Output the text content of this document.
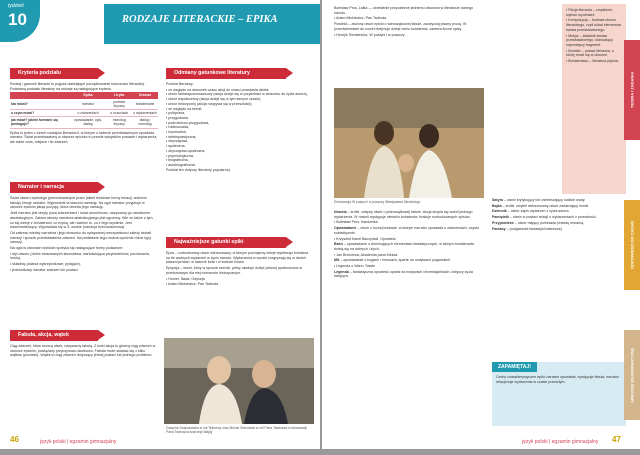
tydzień
10	RODZAJE LITERACKIE – EPIKA
Kryteria podziału

Rodzaj i gatunek literacki to pojęcia ułatwiające porządkowanie twórczości literackiej. Podstawą podziału literatury na rodzaje są następujące kryteria.

	Epika	Liryka	Dramat
kto mówi?	narrator	podmiot liryczny	bohaterowie
o czym mówi?	o zdarzeniach	o uczuciach	o wydarzeniach
jak mówi? jakimi formami się posługuje?	opowiadanie, opis, dialog	monolog liryczny	dialog i monolog

Epika to jeden z trzech rodzajów literackich, w którym o świecie przedstawionym opowiada narrator. Świat przedstawiony w utworze epickim to przede wszystkim postacie i wydarzenia, ale także czas, miejsce i tło zdarzeń.

Narrator i narracja

Świat utworu epickiego (prezentowanych przez jakieś tekstowe formy kreacji, autorem fabułę) kreuje narrator. Wypowiedź ta stanowi narrację. Na ogół narrator przyjmuje w utworze epickim jakąś pozycję, która określa jego narrację.

Jeśli narrator jest ukryty poza zdarzeniami i mówi anonimowo, nazywamy go narratorem abstrakcyjnym. Zakres wiedzy narratora abstrakcyjnego jest ogromny. Wie on także o tym, co się dzieje z bohaterami, co myślą, ale również to, co z tego wyniknie. Jest wszechwiedzący. Wypowiada się w 3. osobie (narracja trzecioosobowa).

Od zakresu wiedzy narratora i jego stosunku do opisywanej rzeczywistości zależy kształt narracji i sposób przedstawienia zdarzeń. Na podstawie tego można wyróżnić różne typy narracji.

Na ogół w utworach epickich spotyka się następujące formy podawcze:

• styl utworu (dobór stosowanych słownictwa, wartościująca przymiotników, porównania, ironia),

• składnię (zdania wykrzyknikowe, pytające),

• jednostkowy narrator zdarzeń lub postaci.

Fabuła, akcja, wątek
Ciąg zdarzeń, które tworzą utwór, nazywamy fabułą. Z kolei akcja to główny ciąg zdarzeń w utworze epickim, powiązany przyczynowo-skutkowo. Fabuła może składać się z kilku wątków (powieść). Wątek to ciąg zdarzeń dotyczący jednej postaci lub jednego problemu.
Odmiany gatunkowe literatury

Podział literatury:

▪ ze względu na stosunek czasu akcji do czasu powstania dzieła:

▪ utwór fantastycznonaukowy (akcja dzieje się w przyszłości w stosunku do życia autora),

▪ utwór współczesny (akcja dzieje się w tym samym czasie),

▪ utwór historyczny (akcja rozgrywa się w przeszłości);

▪ ze względu na temat:

▪ polityczna,

▪ przygodowa,

▪ podróżniczo-przygodowa,

▪ robinsonada,

▪ kryminalna,

▪ detektywistyczna,

▪ obyczajowa,

▪ społeczna,

▪ obyczajowo-społeczna,

▪ psychologiczna,

▪ biograficzna,

▪ autobiograficzna.

Podział ten dotyczy literatury popularnej.

Najważniejsze gatunki epiki

Epos – rozbudowany utwór wierszowany, w którym poznajemy dzieje wybitnego bohatera na tle ważnych wydarzeń w życiu narodu. Wydarzenia w eposie rozgrywają się w dwóch płaszczyznach: w świecie ludzi i w świecie bóstw.

Epopeja – utwór, który w sposób szeroki, pełny ukazuje dzieje pewnej społeczności w przełomowym dla niej momencie historycznym.

• Homer, Iliada, Odyseja

• Adam Mickiewicz, Pan Tadeusz

Grażyna Szapołowska w roli Telimeny oraz Michał Żebrowski w roli Pana Tadeusza w ekranizacji Pana Tadeusza Andrzeja Wajdy
46	język polski | egzamin gimnazjalny

Bolesław Prus, Lalka — określenie przynależne jednemu utworowi w literaturze danego narodu.

• Adam Mickiewicz, Pan Tadeusz

Powieść – złożony utwór epicki o wielowątkowej fabule, zazwyczaj pisany prozą. W przeciwieństwie do nowel obejmuje dzieje wielu bohaterów, zawiera liczne opisy.

• Henryk Sienkiewicz, W pustyni i w puszczy

Ekranizacja W pustyni i w puszczy Władysława Ślesickiego

Nowela – krótki, zwięzły utwór o jednowątkowej fabule. Akcja skupia się wokół jednego wydarzenia. W noweli występuje niewielu bohaterów, brakuje rozbudowanych opisów.

• Bolesław Prus, Kamizelka

Opowiadanie – utwór o luźnej budowie, w którym narrator opowiada o zdarzeniach, często subiektywnie.

• Krzysztof Kamil Baczyński, Opowieść

Baśń – opowiadanie o dominujących elementach fantastycznych, w którym bohaterowie dzielą się na dobrych i złych.

• Jan Brzechwa, Akademia pana Kleksa

Mit – opowiadanie o bogach i herosach, sparte na motywach pogańskich.

• Legenda o Wars i Sawie

Legenda – fantastyczna opowieść oparta na motywach chrześcijańskich, dotyczy życia świętych.

▪ Fikcja literacka – zmyślenie, wytwór wyobraźni.

▪ Kompozycja – budowa utworu literackiego, czyli układ elementów świata przedstawionego.

▪ Motyw – składnik świata przedstawionego, stanowiący najmniejszy fragment.

▪ Bohater – postać literacka, o której mówi się w utworze.

▪ Bohaterstwo – literatura piękna.

Satyra – utwór krytykujący lub ośmieszający ludzkie wady.

Bajka – krótki, zwykle wierszowany utwór zawierający morał.

Dziennik – utwór zapis wydarzeń z życia autora.

Pamiętnik – utwór w postaci relacji o wydarzeniach z przeszłości.

Przypowieść – utwór mający przekazać prawdę moralną.

Fantasy – podgatunek fantastyki baśniowej.

ZAPAMIĘTAJ!
Cechy charakterystyczne epiki: narrator opowiada, występuje fabuła, narrator relacjonuje wydarzenia w czasie przeszłym.
TEORIA I ZADANIA
ODPOWIEDZI DO ZADAŃ
ARKUSZE EGZAMINACYJNE
język polski | egzamin gimnazjalny 47
